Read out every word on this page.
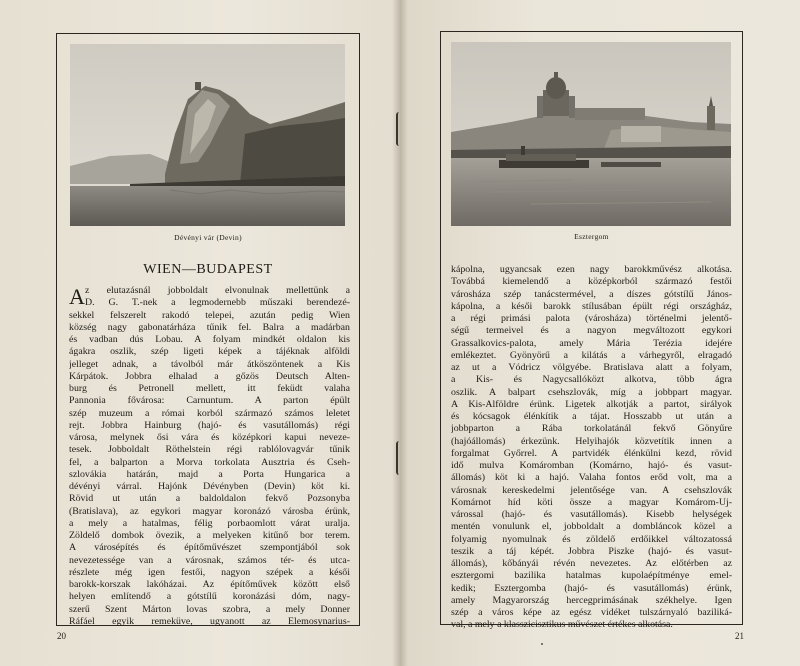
Dévényi vár (Devin)
WIEN—BUDAPEST
z elutazásnál jobboldalt elvonulnak mellettünk a
D. G. T.-nek a legmodernebb műszaki berendezé-
sekkel felszerelt rakodó telepei, azután pedig Wien
község nagy gabonatárháza tűnik fel. Balra a madárban
és vadban dús Lobau. A folyam mindkét oldalon kis
ágakra oszlik, szép ligeti képek a tájéknak alföldi
jelleget adnak, a távolból már átköszöntenek a Kis
Kárpátok. Jobbra elhalad a gőzös Deutsch Alten-
burg és Petronell mellett, itt feküdt valaha
Pannonia fővárosa: Carnuntum. A parton épült
szép muzeum a római korból származó számos leletet
rejt. Jobbra Hainburg (hajó- és vasutállomás) régi
városa, melynek ősi vára és középkori kapui neveze-
tesek. Jobboldalt Röthelstein régi rablólovagvár tűnik
fel, a balparton a Morva torkolata Ausztria és Cseh-
szlovákia határán, majd a Porta Hungarica a
dévényi várral. Hajónk Dévényben (Devin) köt ki.
Rövid ut után a baldoldalon fekvő Pozsonyba
(Bratislava), az egykori magyar koronázó városba érünk,
a mely a hatalmas, félig porbaomlott várat uralja.
Zöldelő dombok övezik, a melyeken kitűnő bor terem.
A városépítés és építőművészet szempontjából sok
nevezetessége van a városnak, számos tér- és utca-
részlete még igen festői, nagyon szépek a késői
barokk-korszak lakóházai. Az építőművek között első
helyen említendő a gótstílű koronázási dóm, nagy-
szerű Szent Márton lovas szobra, a mely Donner
Ráfáel egyik remeküve, ugyanott az Elemosynarius-
A
20
Esztergom
kápolna, ugyancsak ezen nagy barokkművész alkotása.
Továbbá kiemelendő a középkorból származó festői
városháza szép tanácstermével, a díszes gótstílű János-
kápolna, a késői barokk stílusában épült régi országház,
a régi primási palota (városháza) történelmi jelentő-
ségű termeivel és a nagyon megváltozott egykori
Grassalkovics-palota, amely Mária Terézia idejére
emlékeztet. Gyönyörű a kilátás a várhegyről, elragadó
az ut a Vódricz völgyébe. Bratislava alatt a folyam,
a Kis- és Nagycsallóközt alkotva, több ágra
oszlik. A balpart csehszlovák, míg a jobbpart magyar.
A Kis-Alföldre érünk. Ligetek alkotják a partot, sirályok
és kócsagok élénkítik a tájat. Hosszabb ut után a
jobbparton a Rába torkolatánál fekvő Gönyűre
(hajóállomás) érkezünk. Helyihajók közvetítik innen a
forgalmat Győrrel. A partvidék élénkülni kezd, rövid
idő mulva Komáromban (Komárno, hajó- és vasut-
állomás) köt ki a hajó. Valaha fontos erőd volt, ma a
városnak kereskedelmi jelentősége van. A csehszlovák
Komárnot híd köti össze a magyar Komárom-Uj-
várossal (hajó- és vasutállomás). Kisebb helységek
mentén vonulunk el, jobboldalt a dombláncok közel a
folyamig nyomulnak és zöldelő erdőikkel változatossá
teszik a táj képét. Jobbra Piszke (hajó- és vasut-
állomás), kőbányái révén nevezetes. Az előtérben az
esztergomi bazilika hatalmas kupolaépítménye emel-
kedik; Esztergomba (hajó- és vasutállomás) érünk,
amely Magyarország hercegprimásának székhelye. Igen
szép a város képe az egész vidéket tulszárnyaló baziliká-
val, a mely a klasszicisztikus művészet értékes alkotása.
21
